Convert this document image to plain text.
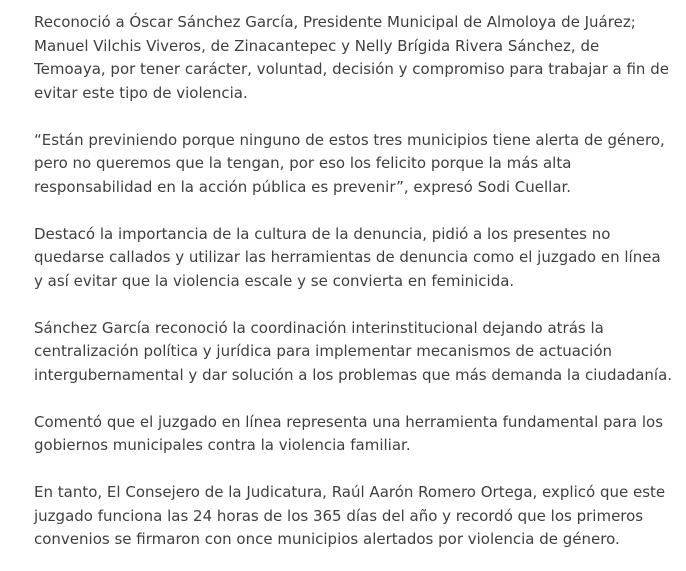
Reconoció a Óscar Sánchez García, Presidente Municipal de Almoloya de Juárez; Manuel Vilchis Viveros, de Zinacantepec y Nelly Brígida Rivera Sánchez, de Temoaya, por tener carácter, voluntad, decisión y compromiso para trabajar a fin de evitar este tipo de violencia.

“Están previniendo porque ninguno de estos tres municipios tiene alerta de género, pero no queremos que la tengan, por eso los felicito porque la más alta responsabilidad en la acción pública es prevenir”, expresó Sodi Cuellar.

Destacó la importancia de la cultura de la denuncia, pidió a los presentes no quedarse callados y utilizar las herramientas de denuncia como el juzgado en línea y así evitar que la violencia escale y se convierta en feminicida.

Sánchez García reconoció la coordinación interinstitucional dejando atrás la centralización política y jurídica para implementar mecanismos de actuación intergubernamental y dar solución a los problemas que más demanda la ciudadanía.

Comentó que el juzgado en línea representa una herramienta fundamental para los gobiernos municipales contra la violencia familiar.

En tanto, El Consejero de la Judicatura, Raúl Aarón Romero Ortega, explicó que este juzgado funciona las 24 horas de los 365 días del año y recordó que los primeros convenios se firmaron con once municipios alertados por violencia de género.
